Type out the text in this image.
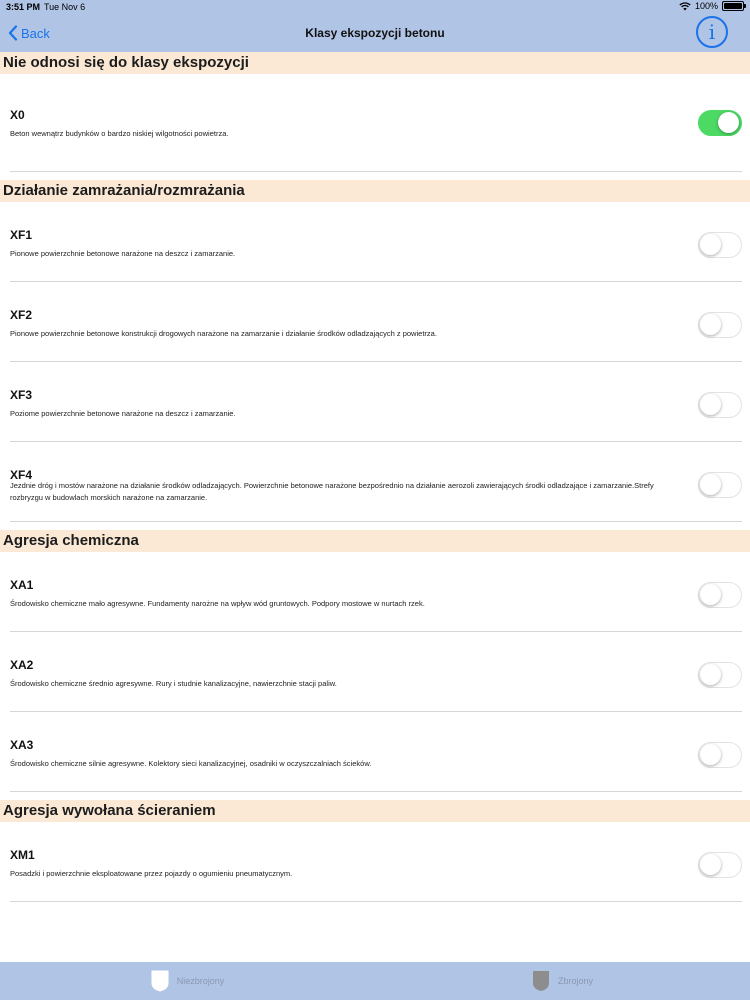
3:51 PM Tue Nov 6	100%
Back	Klasy ekspozycji betonu	i
Nie odnosi się do klasy ekspozycji
X0
Beton wewnątrz budynków o bardzo niskiej wilgotności powietrza.
Działanie zamrażania/rozmrażania
XF1
Pionowe powierzchnie betonowe narażone na deszcz i zamarzanie.
XF2
Pionowe powierzchnie betonowe konstrukcji drogowych narażone na zamarzanie i działanie środków odladzających z powietrza.
XF3
Poziome powierzchnie betonowe narażone na deszcz i zamarzanie.
XF4
Jezdnie dróg i mostów narażone na działanie środków odladzających. Powierzchnie betonowe narażone bezpośrednio na działanie aerozoli zawierających środki odladzające i zamarzanie.Strefy rozbryzgu w budowlach morskich narażone na zamarzanie.
Agresja chemiczna
XA1
Środowisko chemiczne mało agresywne. Fundamenty narożne na wpływ wód gruntowych. Podpory mostowe w nurtach rzek.
XA2
Środowisko chemiczne średnio agresywne. Rury i studnie kanalizacyjne, nawierzchnie stacji paliw.
XA3
Środowisko chemiczne silnie agresywne. Kolektory sieci kanalizacyjnej, osadniki w oczyszczalniach ścieków.
Agresja wywołana ścieraniem
XM1
Posadzki i powierzchnie eksploatowane przez pojazdy o ogumieniu pneumatycznym.
Niezbrojony	Zbrojony
